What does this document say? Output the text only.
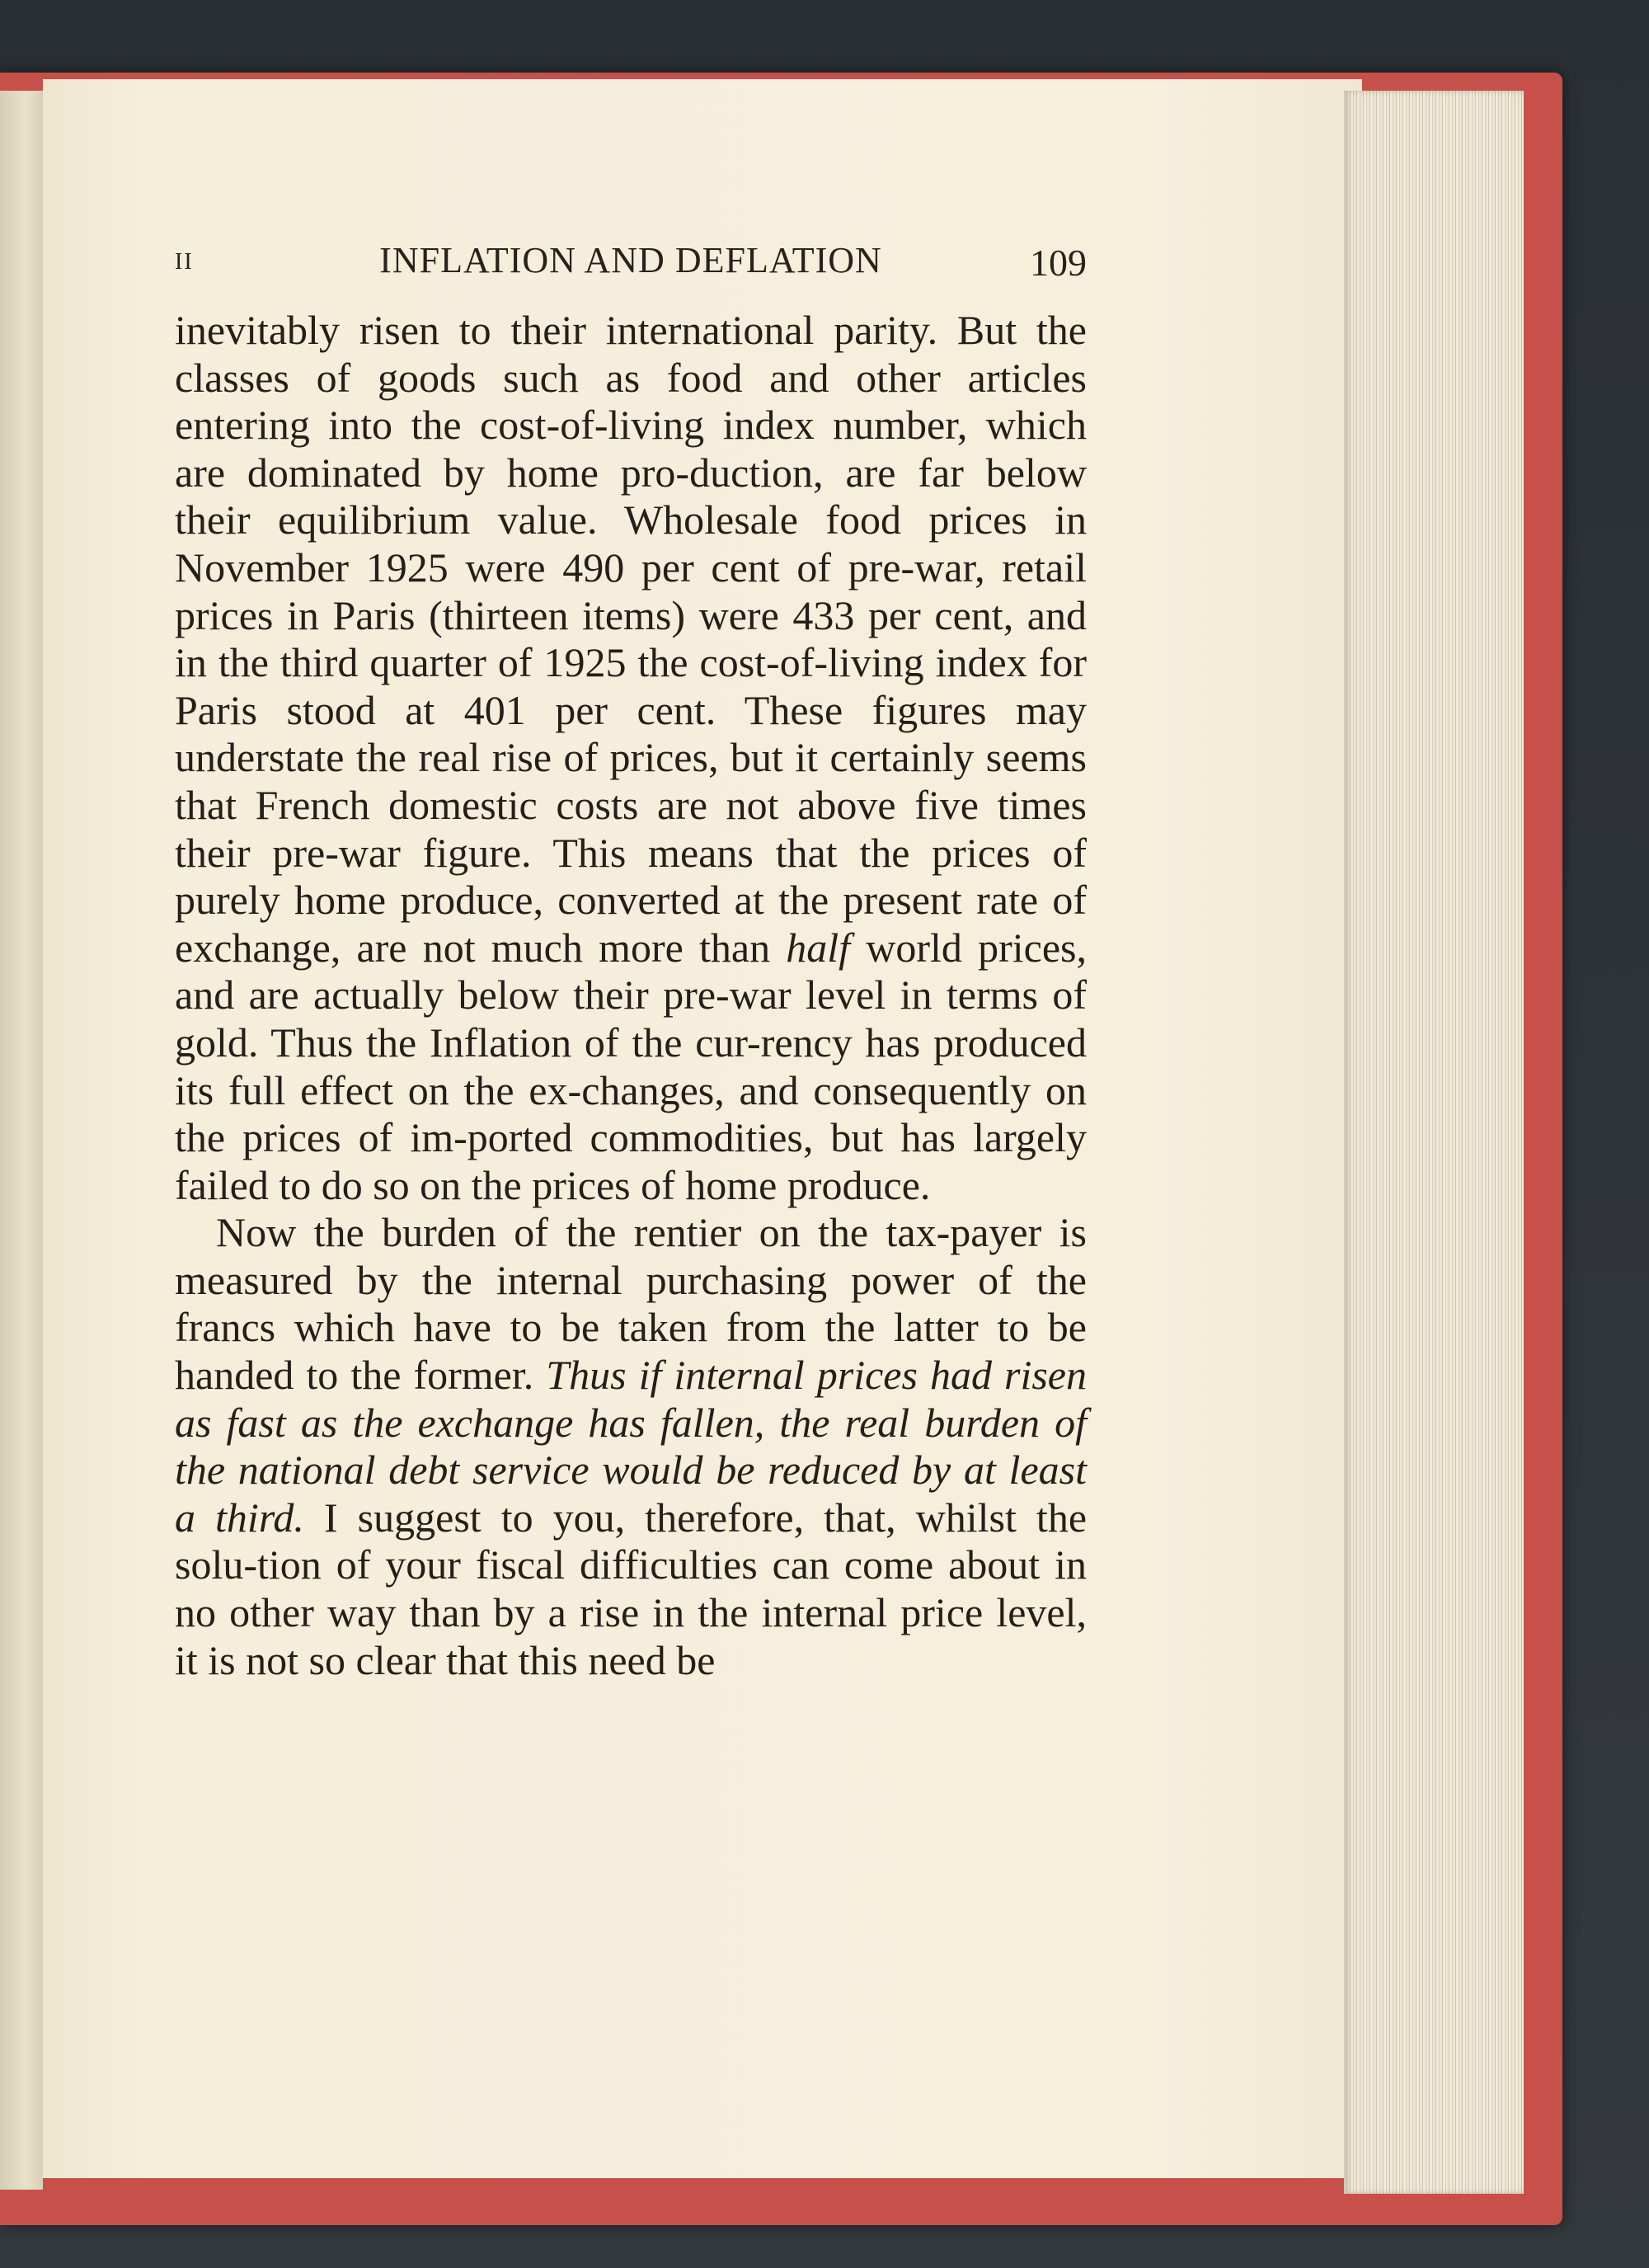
II	INFLATION AND DEFLATION	109

inevitably risen to their international parity. But the classes of goods such as food and other articles entering into the cost-of-living index number, which are dominated by home pro-duction, are far below their equilibrium value. Wholesale food prices in November 1925 were 490 per cent of pre-war, retail prices in Paris (thirteen items) were 433 per cent, and in the third quarter of 1925 the cost-of-living index for Paris stood at 401 per cent. These figures may understate the real rise of prices, but it certainly seems that French domestic costs are not above five times their pre-war figure. This means that the prices of purely home produce, converted at the present rate of exchange, are not much more than half world prices, and are actually below their pre-war level in terms of gold. Thus the Inflation of the cur-rency has produced its full effect on the ex-changes, and consequently on the prices of im-ported commodities, but has largely failed to do so on the prices of home produce.

Now the burden of the rentier on the tax-payer is measured by the internal purchasing power of the francs which have to be taken from the latter to be handed to the former. Thus if internal prices had risen as fast as the exchange has fallen, the real burden of the national debt service would be reduced by at least a third. I suggest to you, therefore, that, whilst the solu-tion of your fiscal difficulties can come about in no other way than by a rise in the internal price level, it is not so clear that this need be
